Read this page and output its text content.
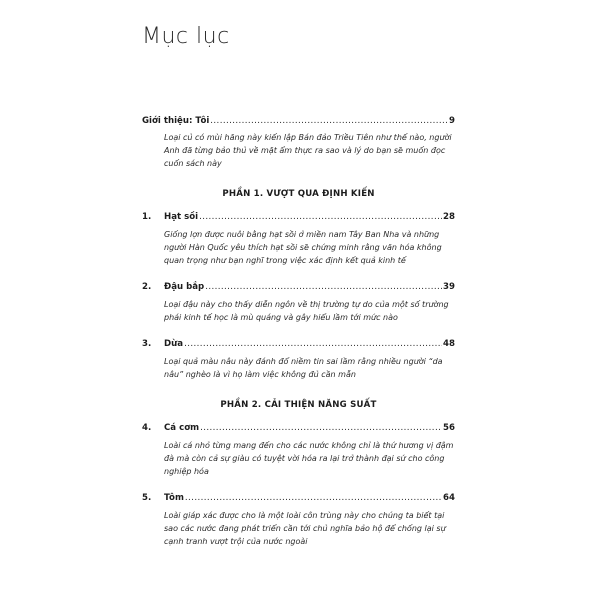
Mục lục
Giới thiệu: Tôi .....	9
Loại củ có mùi hăng này kiến lập Bán đảo Triều Tiên như thế nào, người Anh đã từng bảo thủ về mặt ẩm thực ra sao và lý do bạn sẽ muốn đọc cuốn sách này
PHẦN 1. VƯỢT QUA ĐỊNH KIẾN
1.	Hạt sồi .....	28
Giống lợn được nuôi bằng hạt sồi ở miền nam Tây Ban Nha và những người Hàn Quốc yêu thích hạt sồi sẽ chứng minh rằng văn hóa không quan trọng như bạn nghĩ trong việc xác định kết quả kinh tế
2.	Đậu bắp .....	39
Loại đậu này cho thấy diễn ngôn về thị trường tự do của một số trường phái kinh tế học là mù quáng và gây hiểu lầm tới mức nào
3.	Dừa .....	48
Loại quả màu nâu này đánh đổ niềm tin sai lầm rằng nhiều người “da nâu” nghèo là vì họ làm việc không đủ cần mẫn
PHẦN 2. CẢI THIỆN NĂNG SUẤT
4.	Cá cơm .....	56
Loài cá nhỏ từng mang đến cho các nước không chỉ là thứ hương vị đậm đà mà còn cả sự giàu có tuyệt vời hóa ra lại trở thành đại sứ cho công nghiệp hóa
5.	Tôm .....	64
Loài giáp xác được cho là một loài côn trùng này cho chúng ta biết tại sao các nước đang phát triển cần tới chủ nghĩa bảo hộ để chống lại sự cạnh tranh vượt trội của nước ngoài
